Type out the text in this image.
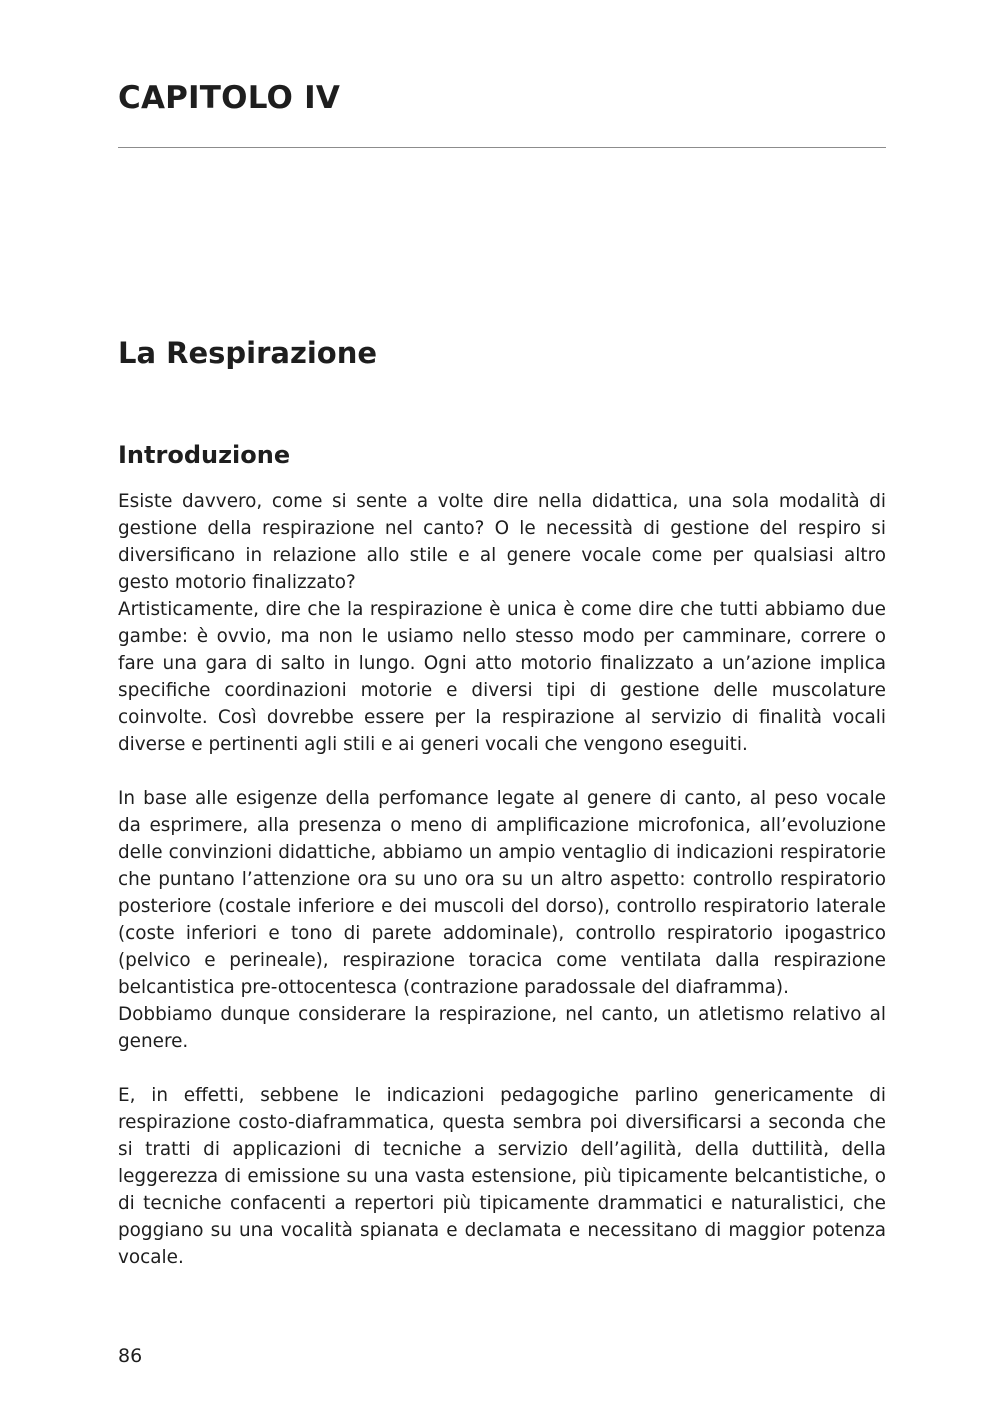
CAPITOLO IV
La Respirazione
Introduzione

Esiste davvero, come si sente a volte dire nella didattica, una sola modalità di gestione della respirazione nel canto? O le necessità di gestione del respiro si diversificano in relazione allo stile e al genere vocale come per qualsiasi altro gesto motorio finalizzato?
Artisticamente, dire che la respirazione è unica è come dire che tutti abbiamo due gambe: è ovvio, ma non le usiamo nello stesso modo per camminare, correre o fare una gara di salto in lungo. Ogni atto motorio finalizzato a un’azione implica specifiche coordinazioni motorie e diversi tipi di gestione delle muscolature coinvolte. Così dovrebbe essere per la respirazione al servizio di finalità vocali diverse e pertinenti agli stili e ai generi vocali che vengono eseguiti.

In base alle esigenze della perfomance legate al genere di canto, al peso vocale da esprimere, alla presenza o meno di amplificazione microfonica, all’evoluzione delle convinzioni didattiche, abbiamo un ampio ventaglio di indicazioni respiratorie che puntano l’attenzione ora su uno ora su un altro aspetto: controllo respiratorio posteriore (costale inferiore e dei muscoli del dorso), controllo respiratorio laterale (coste inferiori e tono di parete addominale), controllo respiratorio ipogastrico (pelvico e perineale), respirazione toracica come ventilata dalla respirazione belcantistica pre-ottocentesca (contrazione paradossale del diaframma).
Dobbiamo dunque considerare la respirazione, nel canto, un atletismo relativo al genere.

E, in effetti, sebbene le indicazioni pedagogiche parlino genericamente di respirazione costo-diaframmatica, questa sembra poi diversificarsi a seconda che si tratti di applicazioni di tecniche a servizio dell’agilità, della duttilità, della leggerezza di emissione su una vasta estensione, più tipicamente belcantistiche, o di tecniche confacenti a repertori più tipicamente drammatici e naturalistici, che poggiano su una vocalità spianata e declamata e necessitano di maggior potenza vocale.

86
